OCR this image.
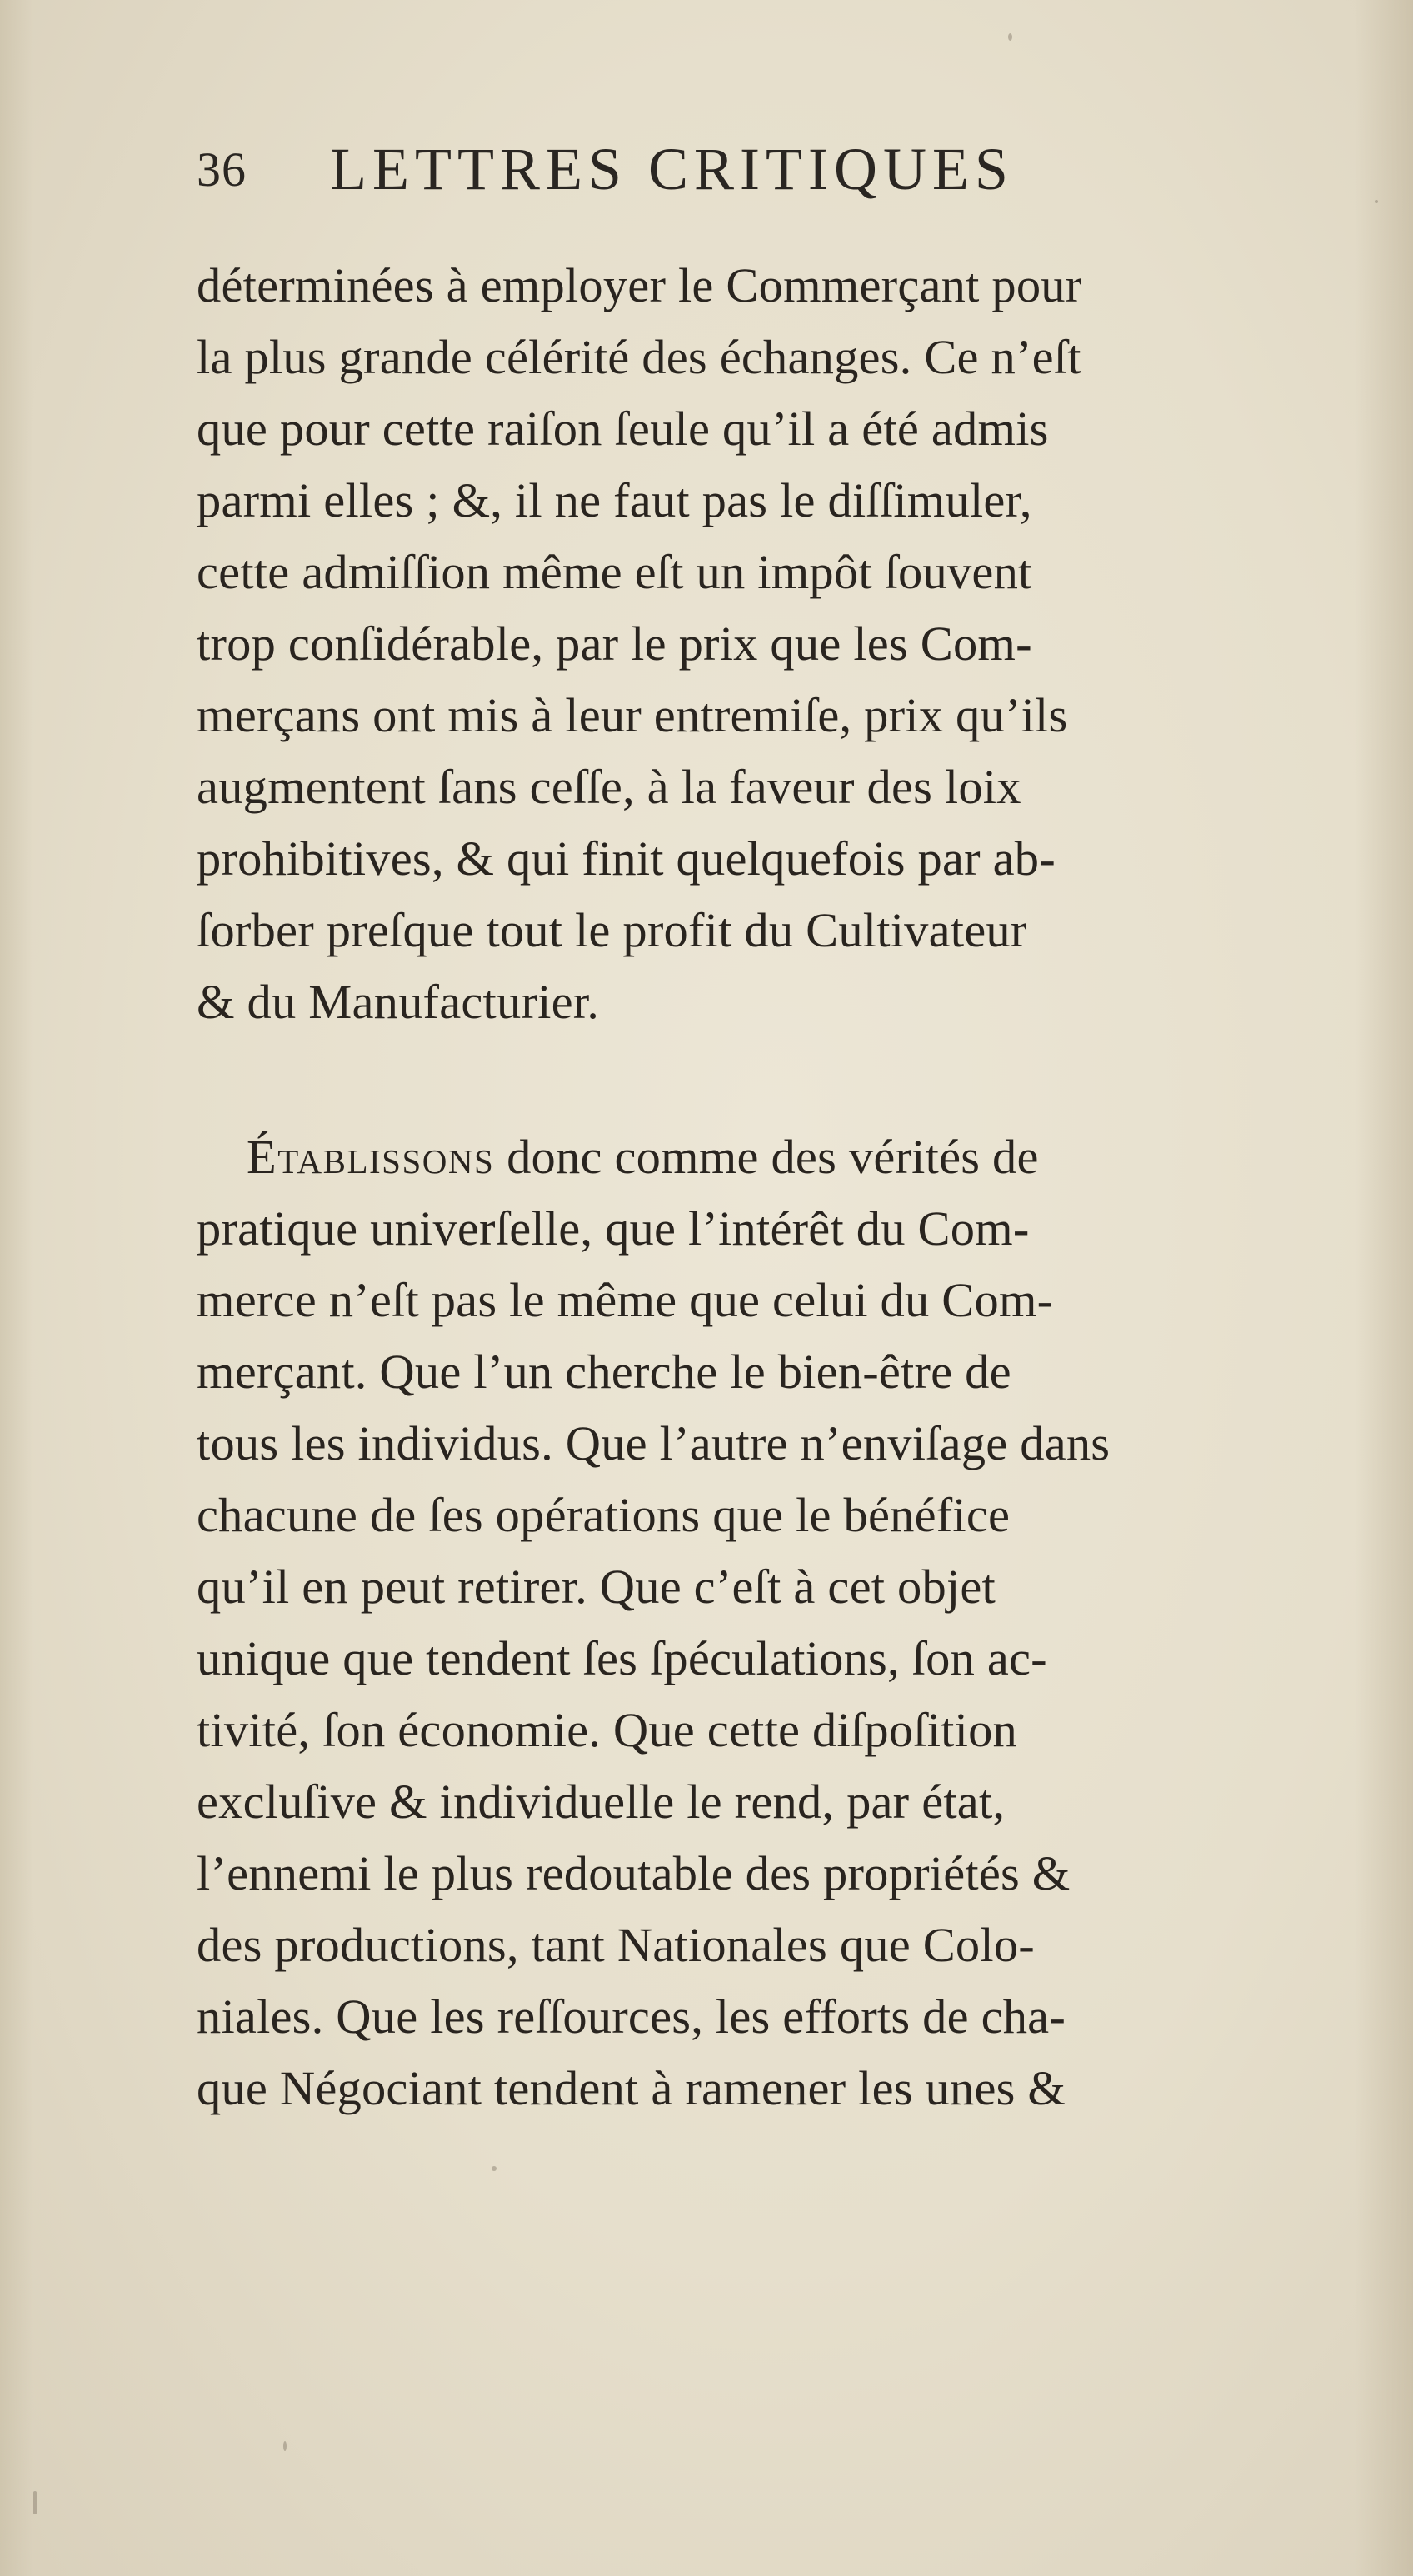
36 LETTRES CRITIQUES
déterminées à employer le Commerçant pour
la plus grande célérité des échanges. Ce n’eſt
que pour cette raiſon ſeule qu’il a été admis
parmi elles ; &, il ne faut pas le diſſimuler,
cette admiſſion même eſt un impôt ſouvent
trop conſidérable, par le prix que les Com-
merçans ont mis à leur entremiſe, prix qu’ils
augmentent ſans ceſſe, à la faveur des loix
prohibitives, & qui finit quelquefois par ab-
ſorber preſque tout le profit du Cultivateur
& du Manufacturier.
Établissons donc comme des vérités de
pratique univerſelle, que l’intérêt du Com-
merce n’eſt pas le même que celui du Com-
merçant. Que l’un cherche le bien-être de
tous les individus. Que l’autre n’enviſage dans
chacune de ſes opérations que le bénéfice
qu’il en peut retirer. Que c’eſt à cet objet
unique que tendent ſes ſpéculations, ſon ac-
tivité, ſon économie. Que cette diſpoſition
excluſive & individuelle le rend, par état,
l’ennemi le plus redoutable des propriétés &
des productions, tant Nationales que Colo-
niales. Que les reſſources, les efforts de cha-
que Négociant tendent à ramener les unes &
